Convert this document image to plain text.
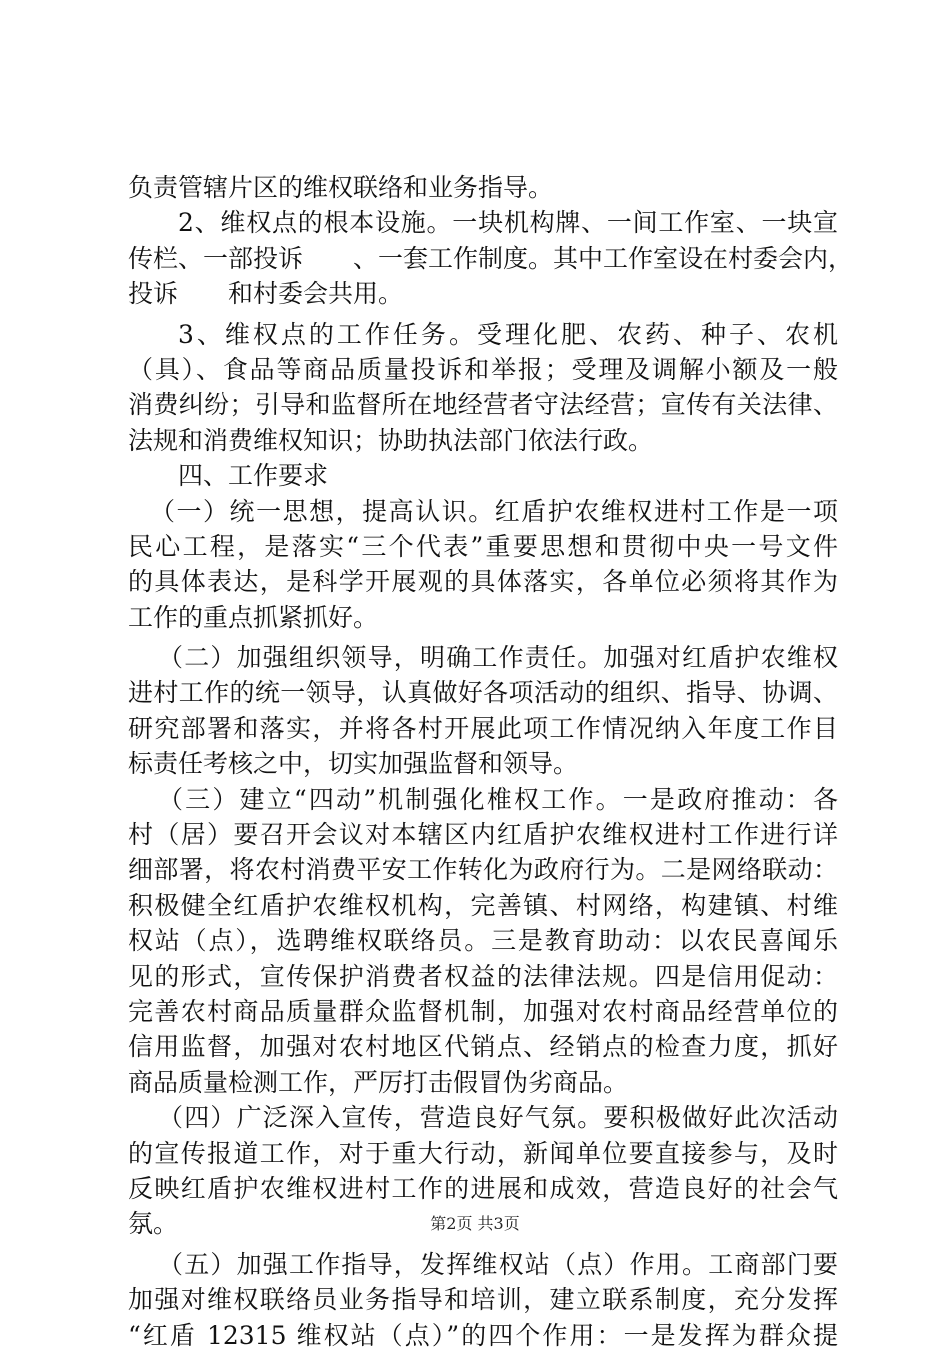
负责管辖片区的维权联络和业务指导。
2、维权点的根本设施。一块机构牌、一间工作室、一块宣
传栏、一部投诉　　、一套工作制度。其中工作室设在村委会内，
投诉　　和村委会共用。
3、维权点的工作任务。受理化肥、农药、种子、农机
（具）、食品等商品质量投诉和举报；受理及调解小额及一般
消费纠纷；引导和监督所在地经营者守法经营；宣传有关法律、
法规和消费维权知识；协助执法部门依法行政。
四、工作要求
（一）统一思想，提高认识。红盾护农维权进村工作是一项
民心工程，是落实“三个代表”重要思想和贯彻中央一号文件
的具体表达，是科学开展观的具体落实，各单位必须将其作为
工作的重点抓紧抓好。
（二）加强组织领导，明确工作责任。加强对红盾护农维权
进村工作的统一领导，认真做好各项活动的组织、指导、协调、
研究部署和落实，并将各村开展此项工作情况纳入年度工作目
标责任考核之中，切实加强监督和领导。
（三）建立“四动”机制强化椎权工作。一是政府推动：各
村（居）要召开会议对本辖区内红盾护农维权进村工作进行详
细部署，将农村消费平安工作转化为政府行为。二是网络联动：
积极健全红盾护农维权机构，完善镇、村网络，构建镇、村维
权站（点），选聘维权联络员。三是教育助动：以农民喜闻乐
见的形式，宣传保护消费者权益的法律法规。四是信用促动：
完善农村商品质量群众监督机制，加强对农村商品经营单位的
信用监督，加强对农村地区代销点、经销点的检查力度，抓好
商品质量检测工作，严厉打击假冒伪劣商品。
（四）广泛深入宣传，营造良好气氛。要积极做好此次活动
的宣传报道工作，对于重大行动，新闻单位要直接参与，及时
反映红盾护农维权进村工作的进展和成效，营造良好的社会气
氛。
（五）加强工作指导，发挥维权站（点）作用。工商部门要
加强对维权联络员业务指导和培训，建立联系制度，充分发挥
“红盾 12315 维权站（点）”的四个作用：一是发挥为群众提
第2页 共3页
